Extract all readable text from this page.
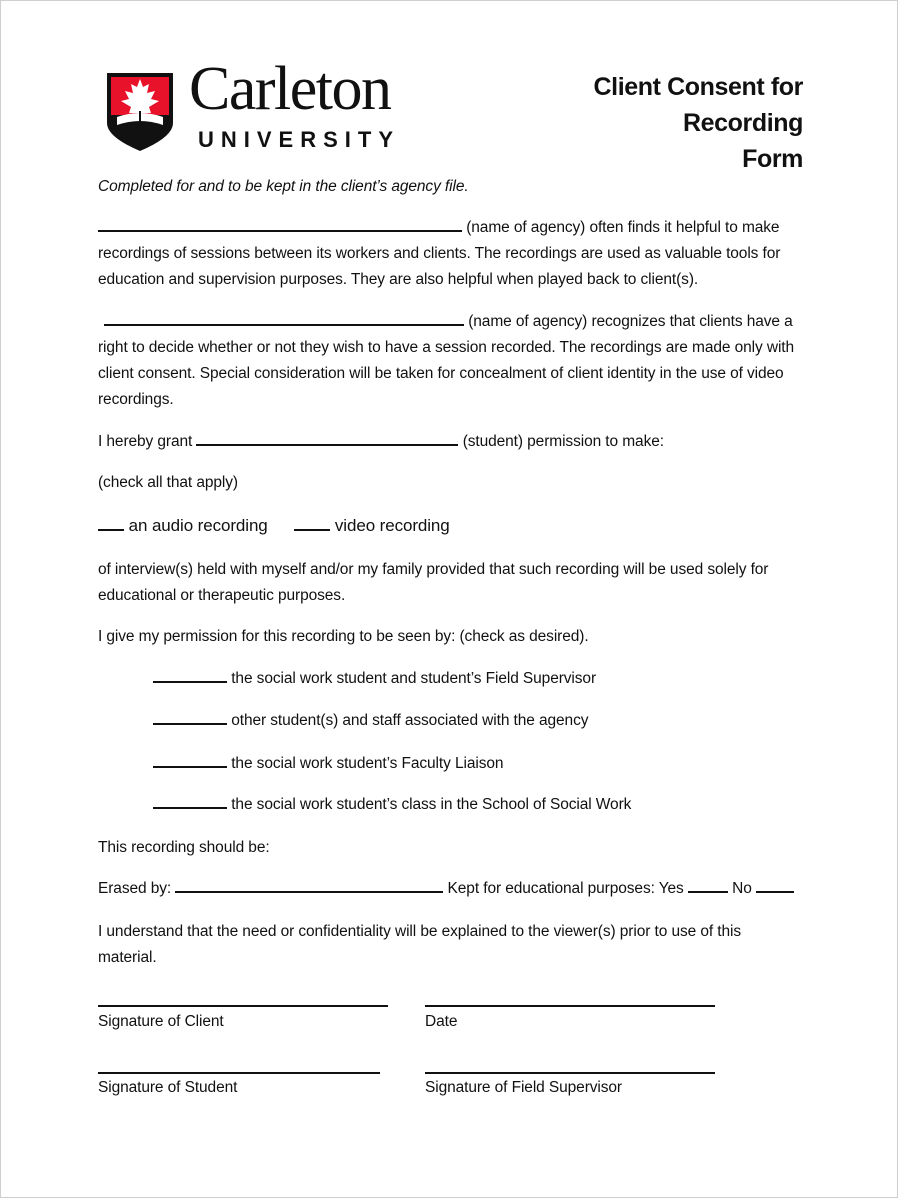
Carleton
UNIVERSITY
Client Consent for
Recording
Form
Completed for and to be kept in the client’s agency file.
(name of agency) often finds it helpful to make
recordings of sessions between its workers and clients. The recordings are used as valuable tools for
education and supervision purposes. They are also helpful when played back to client(s).
(name of agency) recognizes that clients have a
right to decide whether or not they wish to have a session recorded. The recordings are made only with
client consent. Special consideration will be taken for concealment of client identity in the use of video
recordings.
I hereby grant	(student) permission to make:
(check all that apply)
an audio recording	video recording
of interview(s) held with myself and/or my family provided that such recording will be used solely for
educational or therapeutic purposes.
I give my permission for this recording to be seen by: (check as desired).
the social work student and student’s Field Supervisor
other student(s) and staff associated with the agency
the social work student’s Faculty Liaison
the social work student’s class in the School of Social Work
This recording should be:
Erased by:	Kept for educational purposes: Yes	No
I understand that the need or confidentiality will be explained to the viewer(s) prior to use of this
material.
Signature of Client	Date
Signature of Student	Signature of Field Supervisor
